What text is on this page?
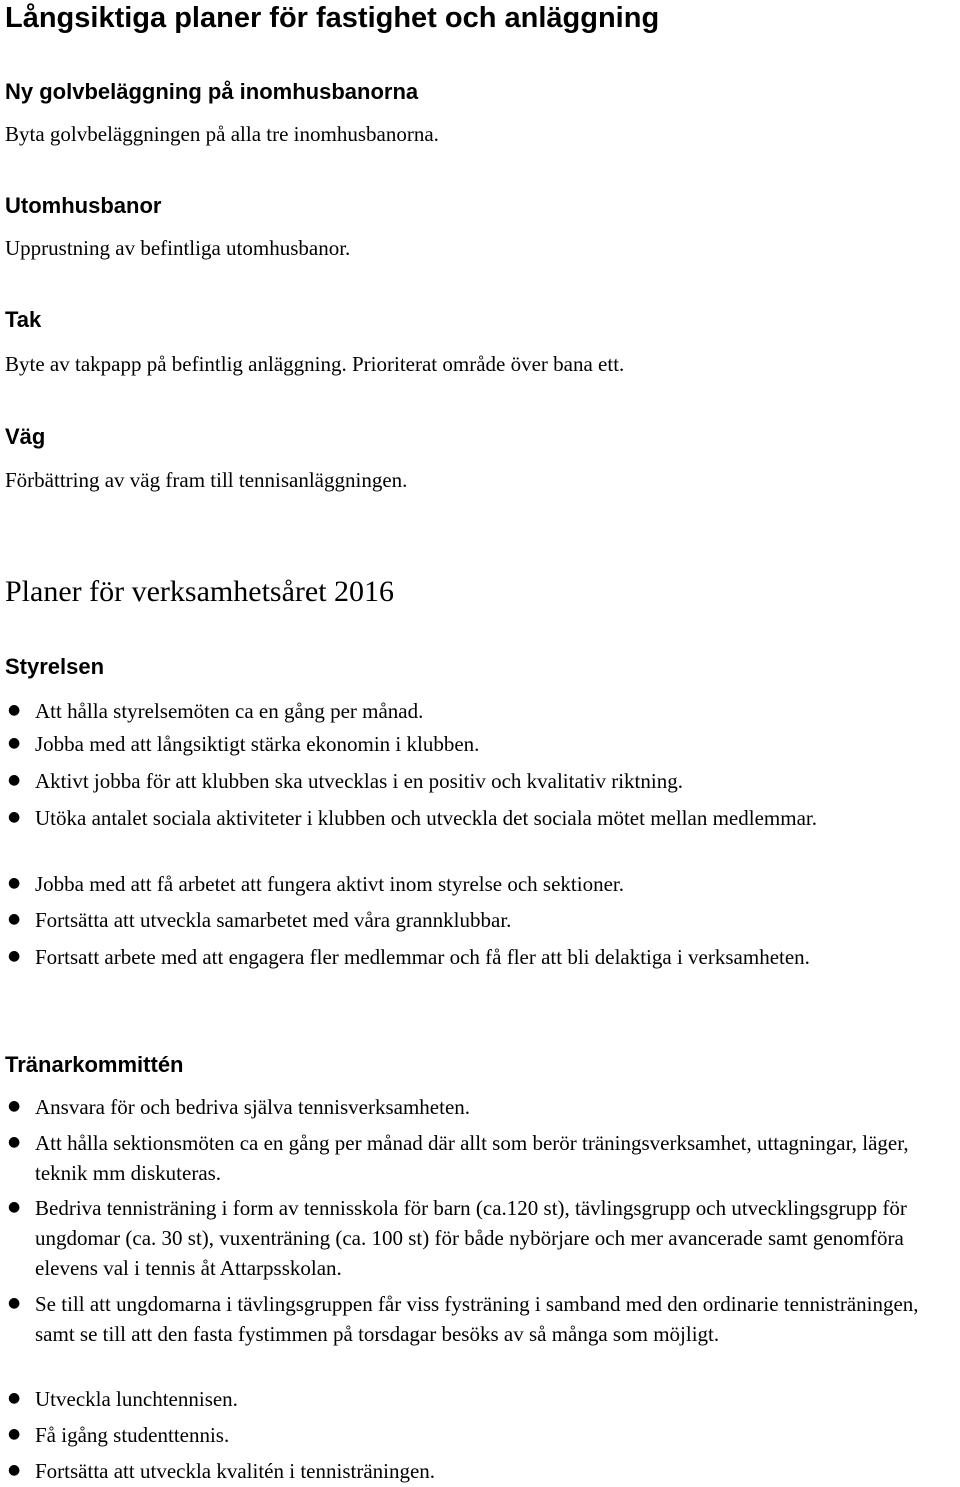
Långsiktiga planer för fastighet och anläggning
Ny golvbeläggning på inomhusbanorna
Byta golvbeläggningen på alla tre inomhusbanorna.
Utomhusbanor
Upprustning av befintliga utomhusbanor.
Tak
Byte av takpapp på befintlig anläggning. Prioriterat område över bana ett.
Väg
Förbättring av väg fram till tennisanläggningen.
Planer för verksamhetsåret 2016
Styrelsen
● Att hålla styrelsemöten ca en gång per månad.
● Jobba med att långsiktigt stärka ekonomin i klubben.
● Aktivt jobba för att klubben ska utvecklas i en positiv och kvalitativ riktning.
● Utöka antalet sociala aktiviteter i klubben och utveckla det sociala mötet mellan medlemmar.
● Jobba med att få arbetet att fungera aktivt inom styrelse och sektioner.
● Fortsätta att utveckla samarbetet med våra grannklubbar.
● Fortsatt arbete med att engagera fler medlemmar och få fler att bli delaktiga i verksamheten.
Tränarkommittén
● Ansvara för och bedriva själva tennisverksamheten.
● Att hålla sektionsmöten ca en gång per månad där allt som berör träningsverksamhet, uttagningar, läger, teknik mm diskuteras.
● Bedriva tennisträning i form av tennisskola för barn (ca.120 st), tävlingsgrupp och utvecklingsgrupp för ungdomar (ca. 30 st), vuxenträning (ca. 100 st) för både nybörjare och mer avancerade samt genomföra elevens val i tennis åt Attarpsskolan.
● Se till att ungdomarna i tävlingsgruppen får viss fysträning i samband med den ordinarie tennisträningen, samt se till att den fasta fystimmen på torsdagar besöks av så många som möjligt.
● Utveckla lunchtennisen.
● Få igång studenttennis.
● Fortsätta att utveckla kvalitén i tennisträningen.
